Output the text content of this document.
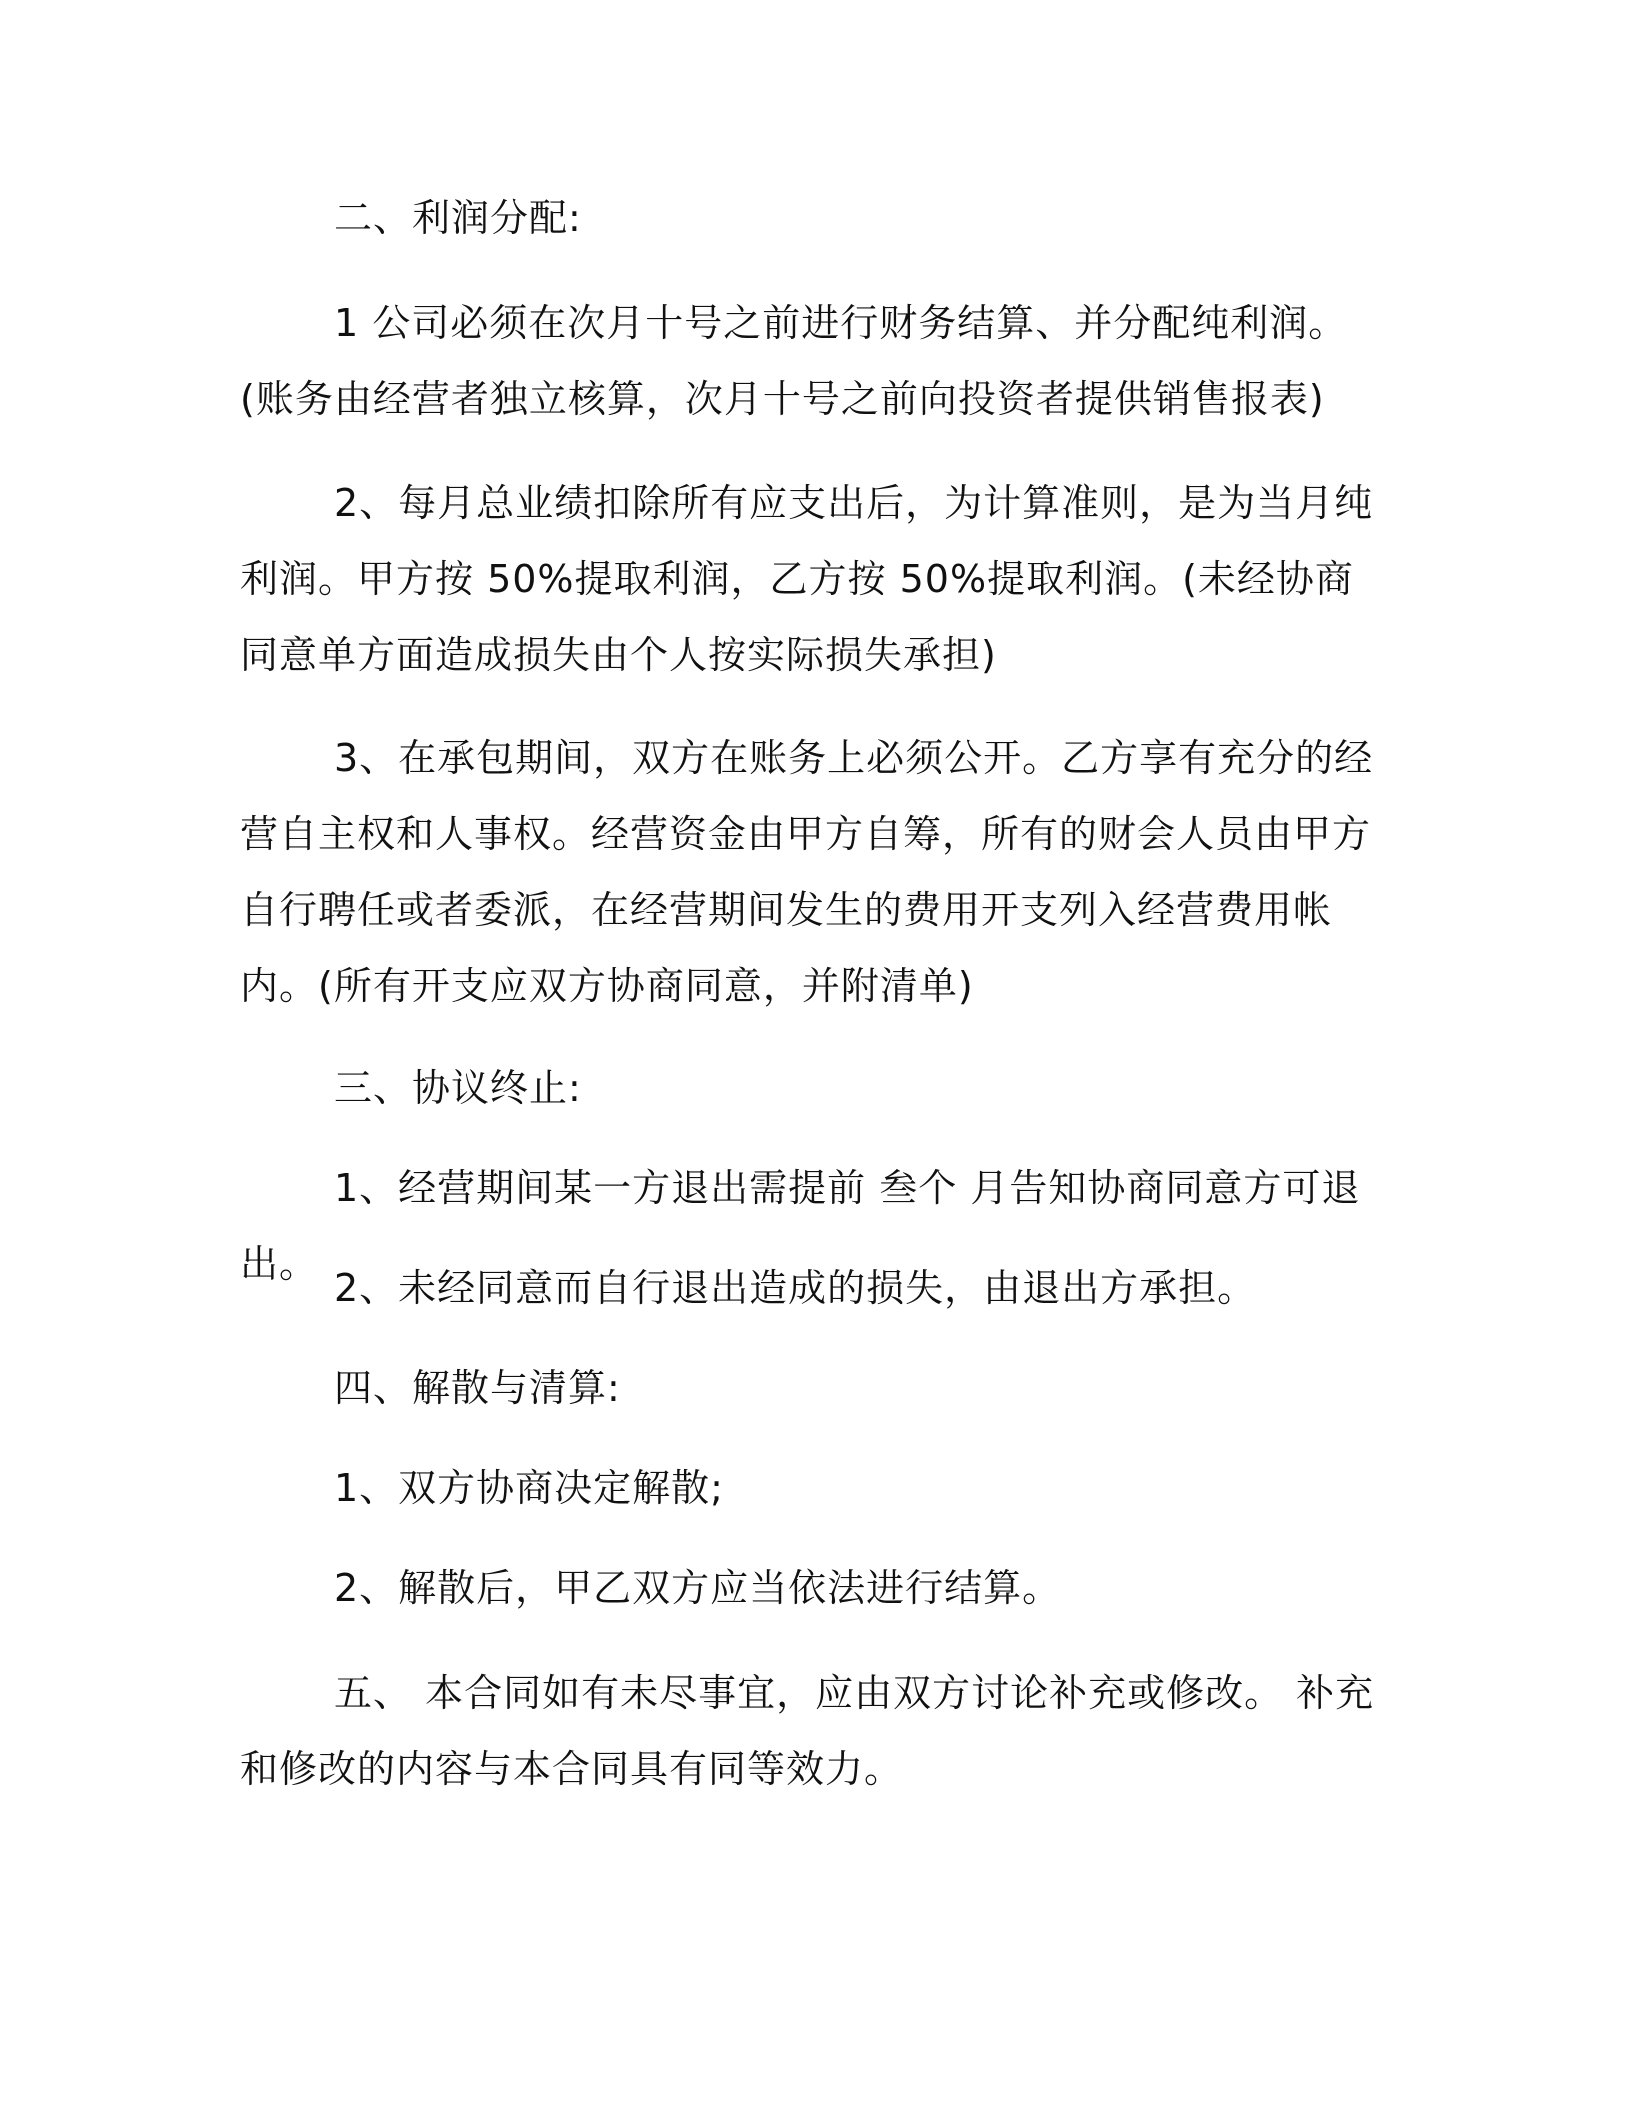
二、利润分配:

1 公司必须在次月十号之前进行财务结算、并分配纯利润。(账务由经营者独立核算，次月十号之前向投资者提供销售报表)

2、每月总业绩扣除所有应支出后，为计算准则，是为当月纯利润。甲方按 50%提取利润，乙方按 50%提取利润。(未经协商同意单方面造成损失由个人按实际损失承担)

3、在承包期间，双方在账务上必须公开。乙方享有充分的经营自主权和人事权。经营资金由甲方自筹，所有的财会人员由甲方自行聘任或者委派，在经营期间发生的费用开支列入经营费用帐内。(所有开支应双方协商同意，并附清单)

三、协议终止:

1、经营期间某一方退出需提前 叁个 月告知协商同意方可退出。

2、未经同意而自行退出造成的损失，由退出方承担。

四、解散与清算:

1、双方协商决定解散;

2、解散后，甲乙双方应当依法进行结算。

五、 本合同如有未尽事宜，应由双方讨论补充或修改。 补充和修改的内容与本合同具有同等效力。
